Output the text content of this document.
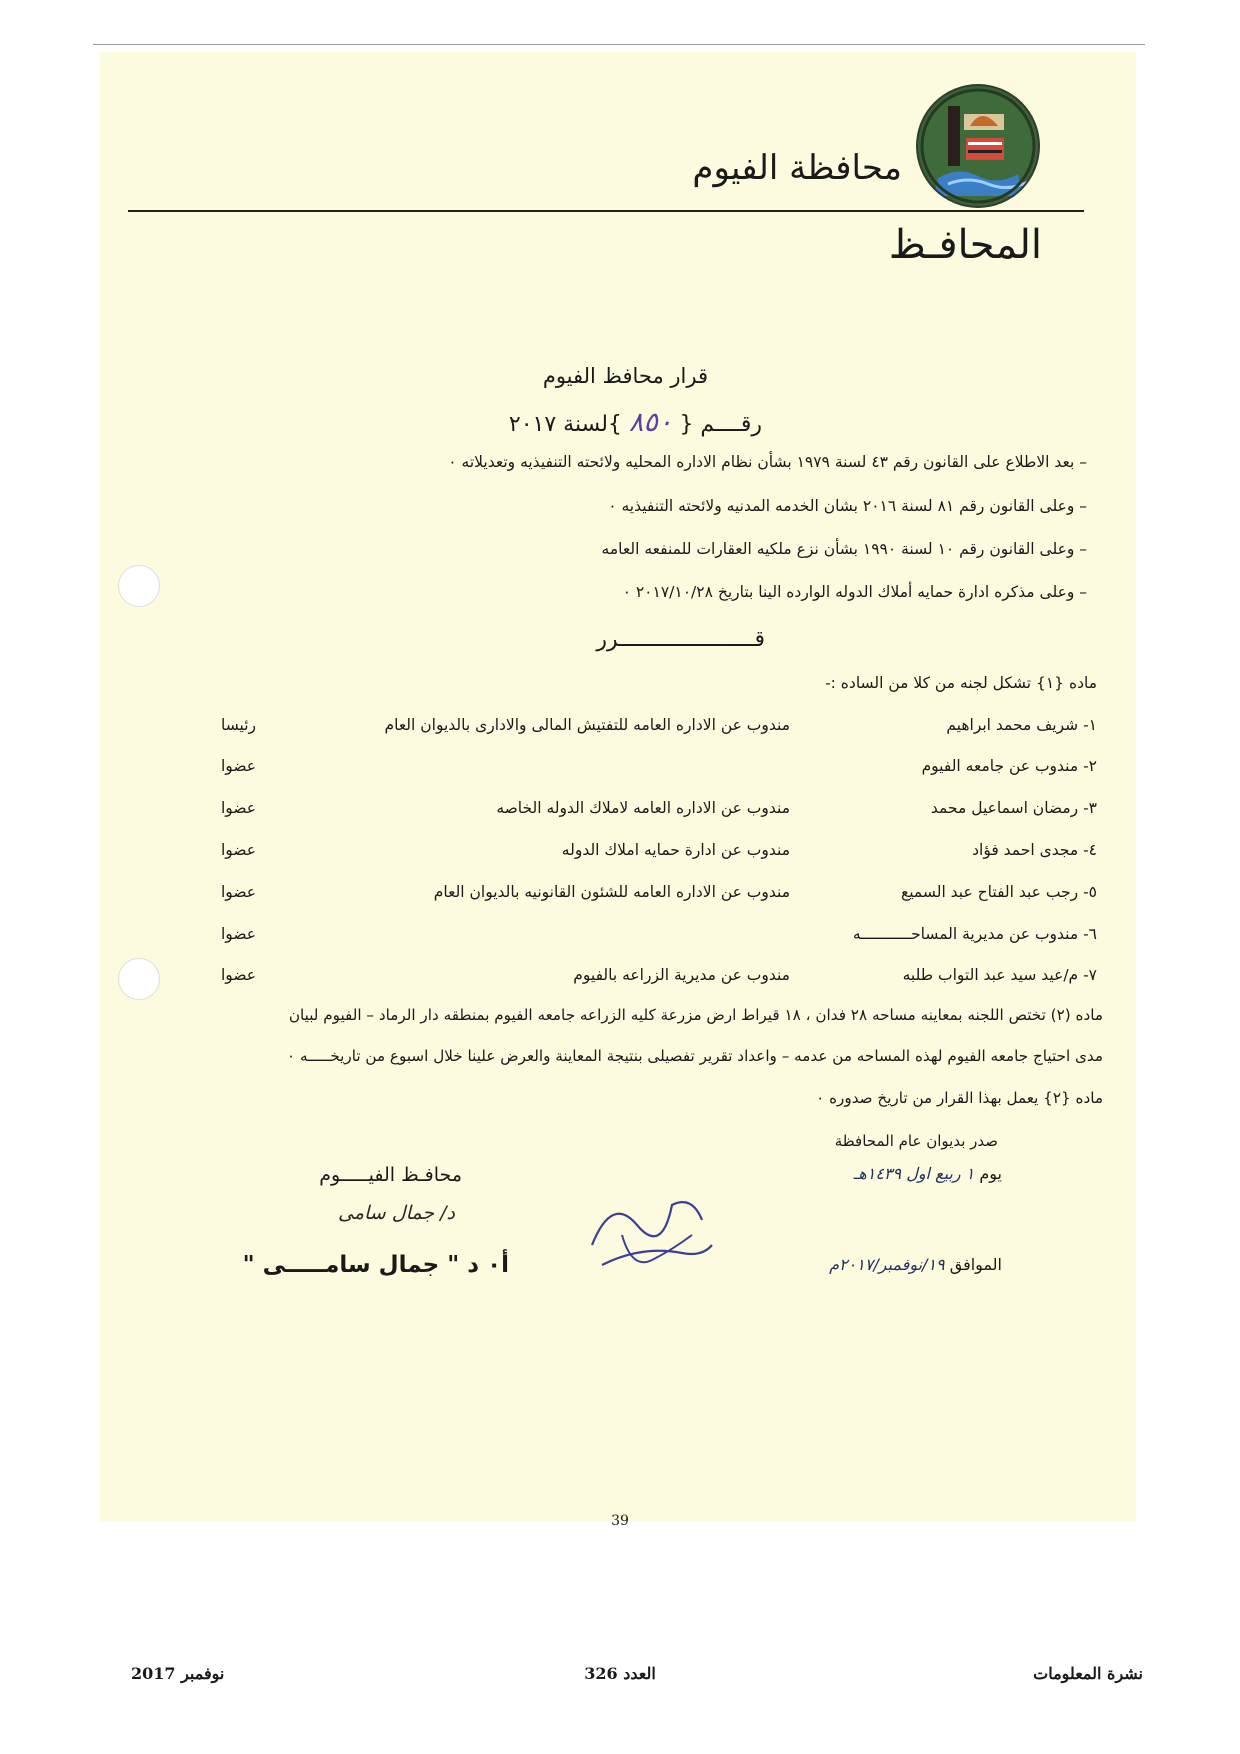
محافظة الفيوم
المحافـظ
قرار محافظ الفيوم
رقــــم { ٨٥٠ }لسنة ٢٠١٧
– بعد الاطلاع على القانون رقم ٤٣ لسنة ١٩٧٩ بشأن نظام الاداره المحليه ولائحته التنفيذيه وتعديلاته ٠
– وعلى القانون رقم ٨١ لسنة ٢٠١٦ بشان الخدمه المدنيه ولائحته التنفيذيه ٠
– وعلى القانون رقم ١٠ لسنة ١٩٩٠ بشأن نزع ملكيه العقارات للمنفعه العامه
– وعلى مذكره ادارة حمايه أملاك الدوله الوارده الينا بتاريخ ٢٠١٧/١٠/٢٨ ٠
قـــــــــــــــــــــرر
ماده {١} تشكل لجنه من كلا من الساده :-
١- شريف محمد ابراهيم
مندوب عن الاداره العامه للتفتيش المالى والادارى بالديوان العام
رئيسا
٢- مندوب عن جامعه الفيوم
عضوا
٣- رمضان اسماعيل محمد
مندوب عن الاداره العامه لاملاك الدوله الخاصه
عضوا
٤- مجدى احمد فؤاد
مندوب عن ادارة حمايه املاك الدوله
عضوا
٥- رجب عبد الفتاح عبد السميع
مندوب عن الاداره العامه للشئون القانونيه بالديوان العام
عضوا
٦- مندوب عن مديرية المساحـــــــــــه
عضوا
٧- م/عيد سيد عبد التواب طلبه
مندوب عن مديرية الزراعه بالفيوم
عضوا
ماده (٢) تختص اللجنه بمعاينه مساحه ٢٨ فدان ، ١٨ قيراط ارض مزرعة كليه الزراعه جامعه الفيوم بمنطقه دار الرماد – الفيوم لبيان
مدى احتياج جامعه الفيوم لهذه المساحه من عدمه – واعداد تقرير تفصيلى بنتيجة المعاينة والعرض علينا خلال اسبوع من تاريخـــــه ٠
ماده {٢} يعمل بهذا القرار من تاريخ صدوره ٠
صدر بديوان عام المحافظة
يوم ١ ربيع اول ١٤٣٩هـ
الموافق ١٩/نوفمبر/٢٠١٧م
محافـظ الفيـــــوم
د/ جمال سامى
أ٠ د " جمال سامـــــى "
39
نشرة المعلومات
العدد 326
نوفمبر 2017
